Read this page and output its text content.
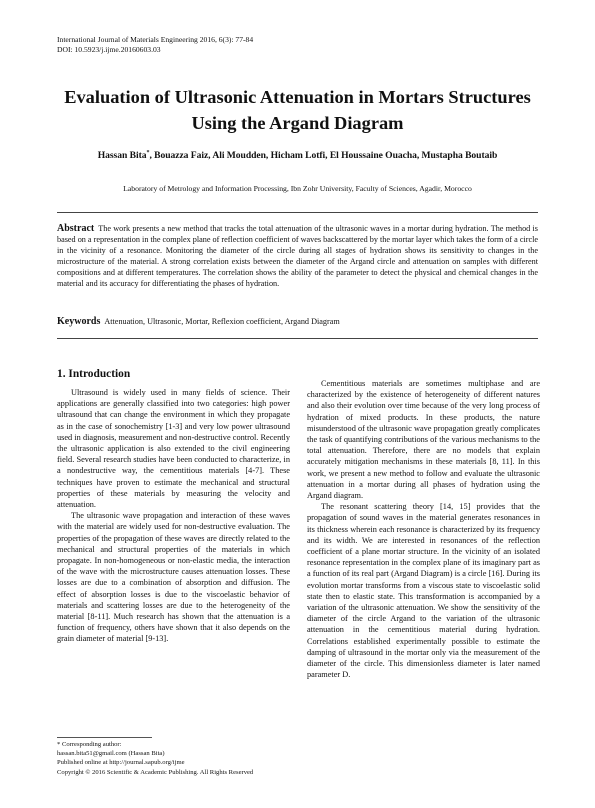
International Journal of Materials Engineering 2016, 6(3): 77-84
DOI: 10.5923/j.ijme.20160603.03
Evaluation of Ultrasonic Attenuation in Mortars Structures Using the Argand Diagram
Hassan Bita*, Bouazza Faiz, Ali Moudden, Hicham Lotfi, El Houssaine Ouacha, Mustapha Boutaib
Laboratory of Metrology and Information Processing, Ibn Zohr University, Faculty of Sciences, Agadir, Morocco
Abstract The work presents a new method that tracks the total attenuation of the ultrasonic waves in a mortar during hydration. The method is based on a representation in the complex plane of reflection coefficient of waves backscattered by the mortar layer which takes the form of a circle in the vicinity of a resonance. Monitoring the diameter of the circle during all stages of hydration shows its sensitivity to changes in the microstructure of the material. A strong correlation exists between the diameter of the Argand circle and attenuation on samples with different compositions and at different temperatures. The correlation shows the ability of the parameter to detect the physical and chemical changes in the material and its accuracy for differentiating the phases of hydration.
Keywords Attenuation, Ultrasonic, Mortar, Reflexion coefficient, Argand Diagram
1. Introduction

Ultrasound is widely used in many fields of science. Their applications are generally classified into two categories: high power ultrasound that can change the environment in which they propagate as in the case of sonochemistry [1-3] and very low power ultrasound used in diagnosis, measurement and non-destructive control. Recently the ultrasonic application is also extended to the civil engineering field. Several research studies have been conducted to characterize, in a nondestructive way, the cementitious materials [4-7]. These techniques have proven to estimate the mechanical and structural properties of these materials by measuring the velocity and attenuation.

The ultrasonic wave propagation and interaction of these waves with the material are widely used for non-destructive evaluation. The properties of the propagation of these waves are directly related to the mechanical and structural properties of the materials in which propagate. In non-homogeneous or non-elastic media, the interaction of the wave with the microstructure causes attenuation losses. These losses are due to a combination of absorption and diffusion. The effect of absorption losses is due to the viscoelastic behavior of materials and scattering losses are due to the heterogeneity of the material [8-11]. Much research has shown that the attenuation is a function of frequency, others have shown that it also depends on the grain diameter of material [9-13].

Cementitious materials are sometimes multiphase and are characterized by the existence of heterogeneity of different natures and also their evolution over time because of the very long process of hydration of mixed products. In these products, the nature misunderstood of the ultrasonic wave propagation greatly complicates the task of quantifying contributions of the various mechanisms to the total attenuation. Therefore, there are no models that explain accurately mitigation mechanisms in these materials [8, 11]. In this work, we present a new method to follow and evaluate the ultrasonic attenuation in a mortar during all phases of hydration using the Argand diagram.

The resonant scattering theory [14, 15] provides that the propagation of sound waves in the material generates resonances in its thickness wherein each resonance is characterized by its frequency and its width. We are interested in resonances of the reflection coefficient of a plane mortar structure. In the vicinity of an isolated resonance representation in the complex plane of its imaginary part as a function of its real part (Argand Diagram) is a circle [16]. During its evolution mortar transforms from a viscous state to viscoelastic solid state then to elastic state. This transformation is accompanied by a variation of the ultrasonic attenuation. We show the sensitivity of the diameter of the circle Argand to the variation of the ultrasonic attenuation in the cementitious material during hydration. Correlations established experimentally possible to estimate the damping of ultrasound in the mortar only via the measurement of the diameter of the circle. This dimensionless diameter is later named parameter D.

* Corresponding author:
hassan.bita51@gmail.com (Hassan Bita)
Published online at http://journal.sapub.org/ijme
Copyright © 2016 Scientific & Academic Publishing. All Rights Reserved
